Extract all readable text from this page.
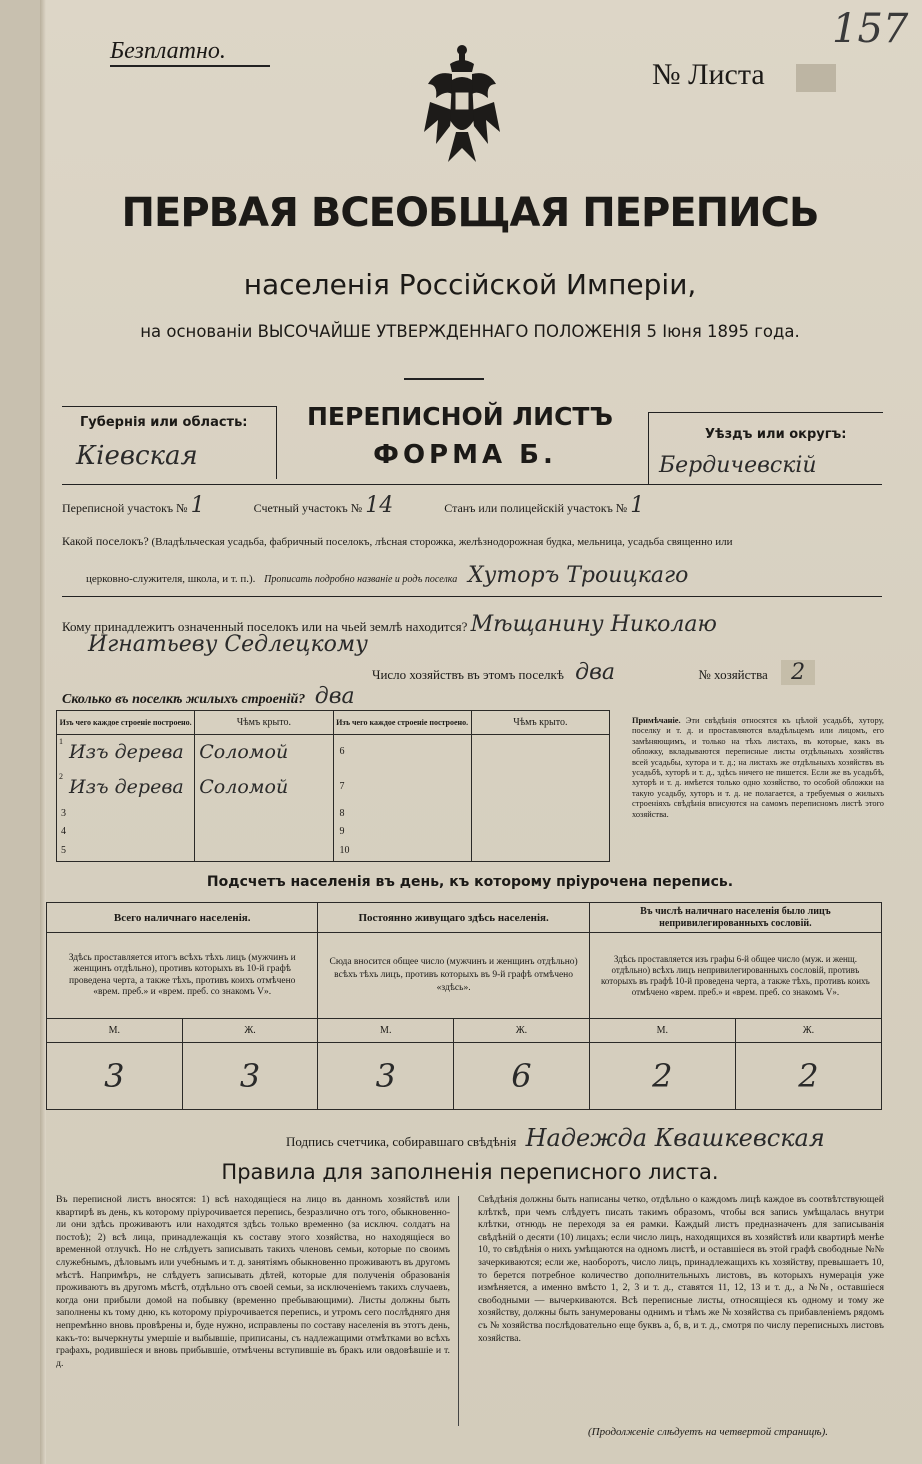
Безплатно.
№ Листа
157
ПЕРВАЯ ВСЕОБЩАЯ ПЕРЕПИСЬ
населенія Россійской Имперіи,
на основаніи ВЫСОЧАЙШЕ УТВЕРЖДЕННАГО ПОЛОЖЕНІЯ 5 Іюня 1895 года.
Губернія или область:
Кіевская
ПЕРЕПИСНОЙ ЛИСТЪ
ФОРМА Б.
Уѣздъ или округъ:
Бердичевскій
Переписной участокъ № 1	Счетный участокъ № 14	Станъ или полицейскій участокъ № 1
Какой поселокъ? (Владѣльческая усадьба, фабричный поселокъ, лѣсная сторожка, желѣзнодорожная будка, мельница, усадьба священно или
церковно-служителя, школа, и т. п.). Прописать подробно названіе и родъ поселка Хуторъ Троицкаго
Кому принадлежитъ означенный поселокъ или на чьей землѣ находится? Мѣщанину Николаю
Игнатьеву Седлецкому
Число хозяйствъ въ этомъ поселкѣ два	№ хозяйства 2
Сколько въ поселкѣ жилыхъ строеній? два
Изъ чего каждое строеніе построено.	Чѣмъ крыто.	Изъ чего каждое строеніе построено.	Чѣмъ крыто.

1 Изъ дерева	Соломой	6	

2 Изъ дерева	Соломой	7	
3		8	
4		9	
5		10	
Примѣчаніе. Эти свѣдѣнія относятся къ цѣлой усадьбѣ, хутору, поселку и т. д. и проставляются владѣльцемъ или лицомъ, его замѣняющимъ, и только на тѣхъ листахъ, въ которые, какъ въ обложку, вкладываются переписные листы отдѣльныхъ хозяйствъ всей усадьбы, хутора и т. д.; на листахъ же отдѣльныхъ хозяйствъ въ усадьбѣ, хуторѣ и т. д., здѣсь ничего не пишется. Если же въ усадьбѣ, хуторѣ и т. д. имѣется только одно хозяйство, то особой обложки на такую усадьбу, хуторъ и т. д. не полагается, а требуемыя о жилыхъ строеніяхъ свѣдѣнія вписуются на самомъ переписномъ листѣ этого хозяйства.
Подсчетъ населенія въ день, къ которому пріурочена перепись.
Всего наличнаго населенія.		Постоянно живущаго здѣсь населенія.		Въ числѣ наличнаго населенія было лицъ непривилегированныхъ сословій.	
Здѣсь проставляется итогъ всѣхъ тѣхъ лицъ (мужчинъ и женщинъ отдѣльно), противъ которыхъ въ 10-й графѣ проведена черта, а также тѣхъ, противъ коихъ отмѣчено «врем. преб.» и «врем. преб. со знакомъ V».		Сюда вносится общее число (мужчинъ и женщинъ отдѣльно) всѣхъ тѣхъ лицъ, противъ которыхъ въ 9-й графѣ отмѣчено «здѣсь».		Здѣсь проставляется изъ графы 6-й общее число (муж. и женщ. отдѣльно) всѣхъ лицъ непривилегированныхъ сословій, противъ которыхъ въ графѣ 10-й проведена черта, а также тѣхъ, противъ коихъ отмѣчено «врем. преб.» и «врем. преб. со знакомъ V».	
М.	Ж.	М.	Ж.	М.	Ж.
3	3	3	6	2	2
Подпись счетчика, собиравшаго свѣдѣнія Надежда Квашкевская
Правила для заполненія переписного листа.
Въ переписной листъ вносятся: 1) всѣ находящіеся на лицо въ данномъ хозяйствѣ или квартирѣ въ день, къ которому пріурочивается перепись, безразлично отъ того, обыкновенно-ли они здѣсь проживаютъ или находятся здѣсь только временно (за исключ. солдатъ на постоѣ); 2) всѣ лица, принадлежащія къ составу этого хозяйства, но находящіеся во временной отлучкѣ. Но не слѣдуетъ записывать такихъ членовъ семьи, которые по своимъ служебнымъ, дѣловымъ или учебнымъ и т. д. занятіямъ обыкновенно проживаютъ въ другомъ мѣстѣ. Напримѣръ, не слѣдуетъ записывать дѣтей, которые для полученія образованія проживаютъ въ другомъ мѣстѣ, отдѣльно отъ своей семьи, за исключеніемъ такихъ случаевъ, когда они прибыли домой на побывку (временно пребывающими). Листы должны быть заполнены къ тому дню, къ которому пріурочивается перепись, и утромъ сего послѣдняго дня непремѣнно вновь провѣрены и, буде нужно, исправлены по составу населенія въ этотъ день, какъ-то: вычеркнуты умершіе и выбывшіе, приписаны, съ надлежащими отмѣтками во всѣхъ графахъ, родившіеся и вновь прибывшіе, отмѣчены вступившіе въ бракъ или овдовѣвшіе и т. д.
Свѣдѣнія должны быть написаны четко, отдѣльно о каждомъ лицѣ каждое въ соотвѣтствующей клѣткѣ, при чемъ слѣдуетъ писать такимъ образомъ, чтобы вся запись умѣщалась внутри клѣтки, отнюдь не переходя за ея рамки. Каждый листъ предназначенъ для записыванія свѣдѣній о десяти (10) лицахъ; если число лицъ, находящихся въ хозяйствѣ или квартирѣ менѣе 10, то свѣдѣнія о нихъ умѣщаются на одномъ листѣ, и оставшіеся въ этой графѣ свободные №№ зачеркиваются; если же, наоборотъ, число лицъ, принадлежащихъ къ хозяйству, превышаетъ 10, то берется потребное количество дополнительныхъ листовъ, въ которыхъ нумерація уже измѣняется, а именно вмѣсто 1, 2, 3 и т. д., ставятся 11, 12, 13 и т. д., а №№, оставшіеся свободными — вычеркиваются. Всѣ переписные листы, относящіеся къ одному и тому же хозяйству, должны быть занумерованы однимъ и тѣмъ же № хозяйства съ прибавленіемъ рядомъ съ № хозяйства послѣдовательно еще буквъ а, б, в, и т. д., смотря по числу переписныхъ листовъ хозяйства.
(Продолженіе слѣдуетъ на четвертой страницѣ).
